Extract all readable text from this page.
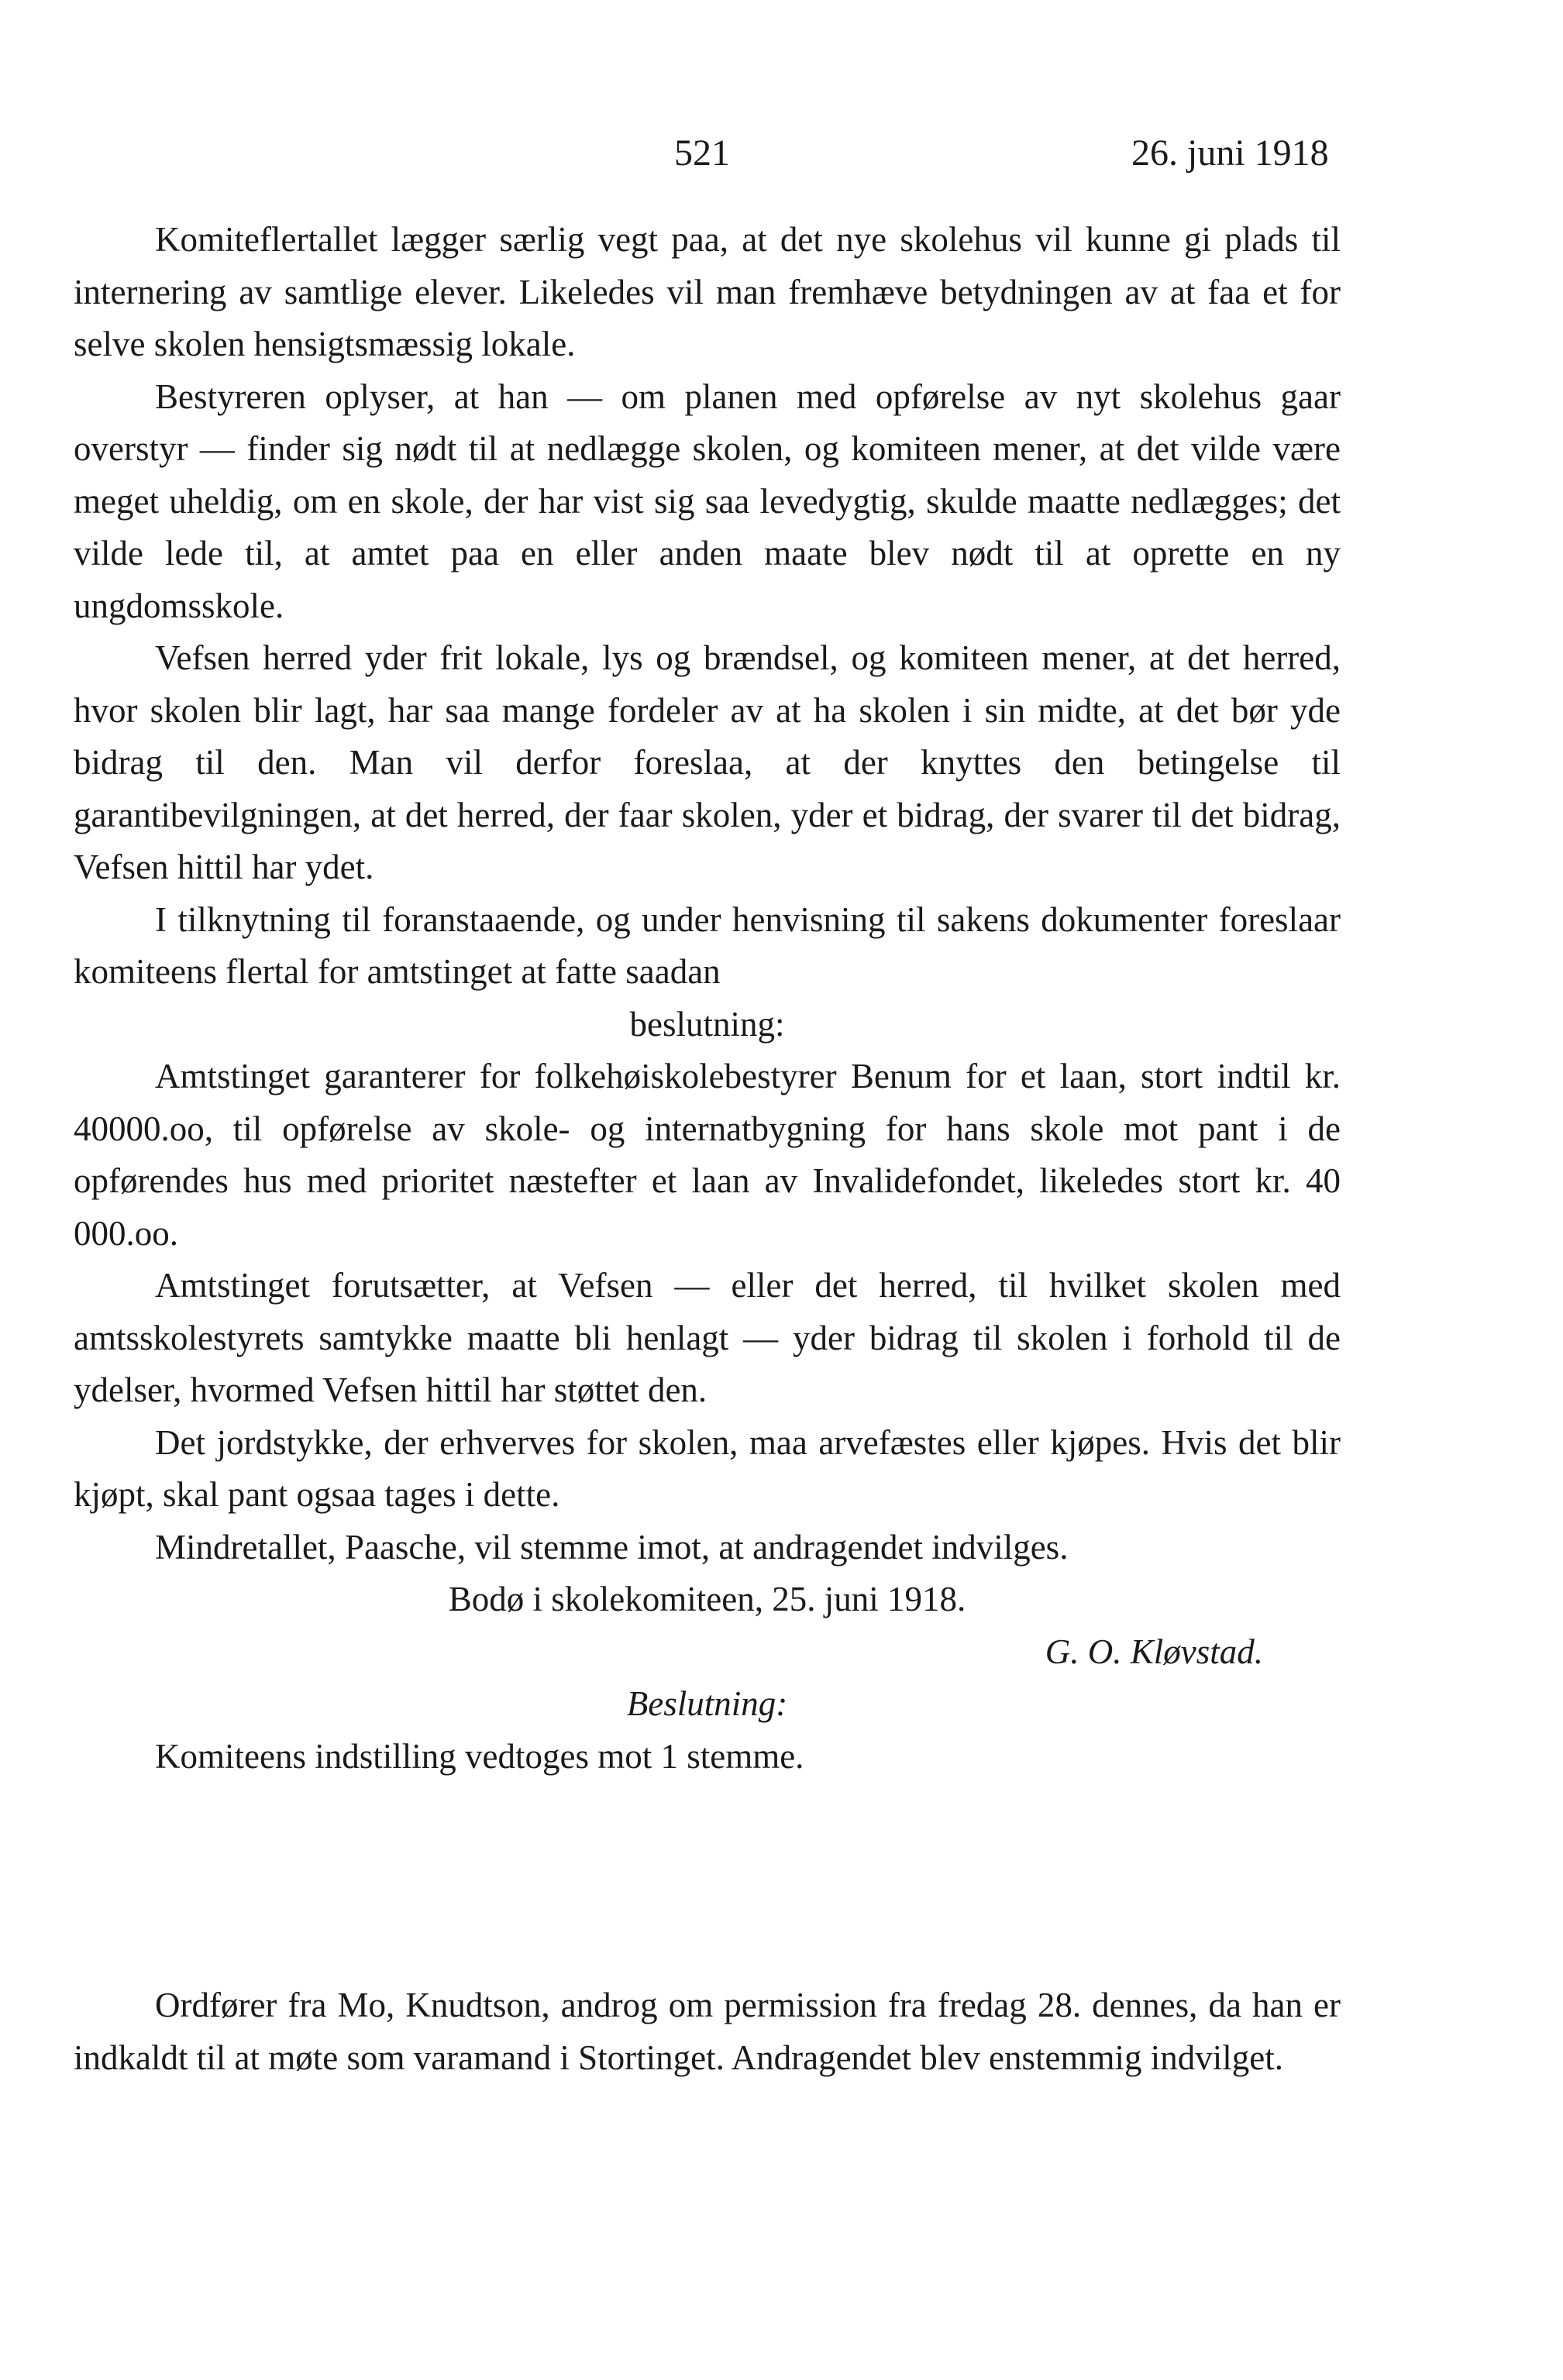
521	26. juni 1918

Komiteflertallet lægger særlig vegt paa, at det nye skolehus vil kunne gi plads til internering av samtlige elever. Likeledes vil man fremhæve betydningen av at faa et for selve skolen hensigtsmæssig lokale.

Bestyreren oplyser, at han — om planen med opførelse av nyt skolehus gaar overstyr — finder sig nødt til at nedlægge skolen, og komiteen mener, at det vilde være meget uheldig, om en skole, der har vist sig saa levedygtig, skulde maatte nedlægges; det vilde lede til, at amtet paa en eller anden maate blev nødt til at oprette en ny ungdomsskole.

Vefsen herred yder frit lokale, lys og brændsel, og komiteen mener, at det herred, hvor skolen blir lagt, har saa mange fordeler av at ha skolen i sin midte, at det bør yde bidrag til den. Man vil derfor foreslaa, at der knyttes den betingelse til garantibevilgningen, at det herred, der faar skolen, yder et bidrag, der svarer til det bidrag, Vefsen hittil har ydet.

I tilknytning til foranstaaende, og under henvisning til sakens dokumenter foreslaar komiteens flertal for amtstinget at fatte saadan

beslutning:

Amtstinget garanterer for folkehøiskolebestyrer Benum for et laan, stort indtil kr. 40000.oo, til opførelse av skole- og internatbygning for hans skole mot pant i de opførendes hus med prioritet næstefter et laan av Invalidefondet, likeledes stort kr. 40 000.oo.

Amtstinget forutsætter, at Vefsen — eller det herred, til hvilket skolen med amtsskolestyrets samtykke maatte bli henlagt — yder bidrag til skolen i forhold til de ydelser, hvormed Vefsen hittil har støttet den.

Det jordstykke, der erhverves for skolen, maa arvefæstes eller kjøpes. Hvis det blir kjøpt, skal pant ogsaa tages i dette.

Mindretallet, Paasche, vil stemme imot, at andragendet indvilges.

Bodø i skolekomiteen, 25. juni 1918.

G. O. Kløvstad.

Beslutning:

Komiteens indstilling vedtoges mot 1 stemme.

Ordfører fra Mo, Knudtson, androg om permission fra fredag 28. dennes, da han er indkaldt til at møte som varamand i Stortinget. Andragendet blev enstemmig indvilget.
